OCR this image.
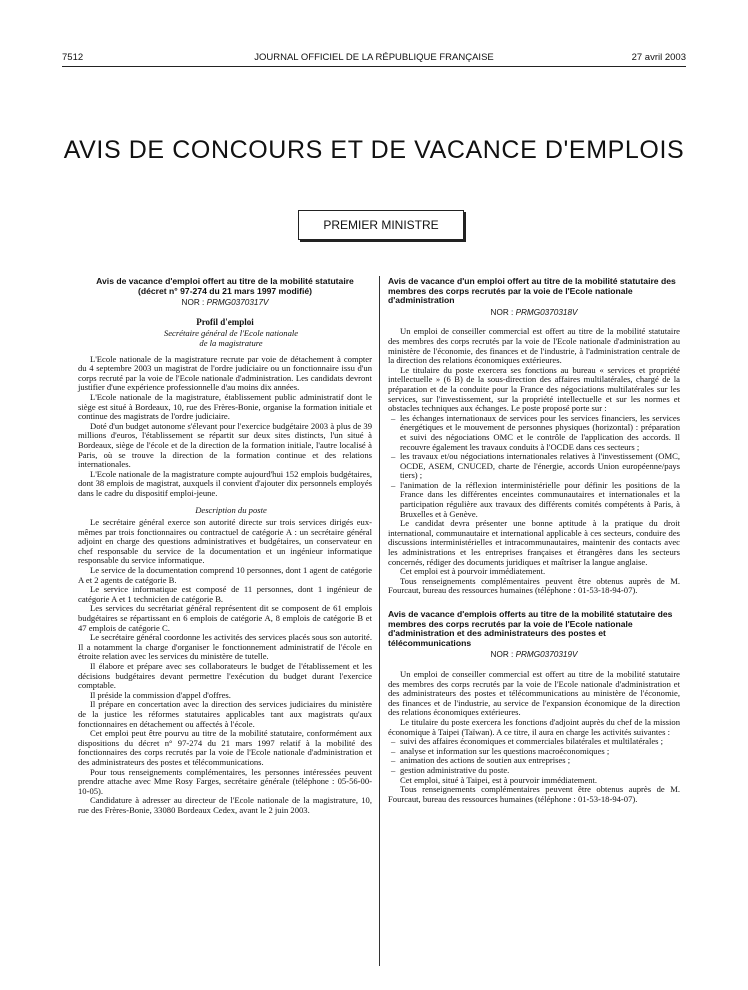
7512	JOURNAL OFFICIEL DE LA RÉPUBLIQUE FRANÇAISE	27 avril 2003
AVIS DE CONCOURS ET DE VACANCE D'EMPLOIS
PREMIER MINISTRE
Avis de vacance d'emploi offert au titre de la mobilité statutaire (décret n° 97-274 du 21 mars 1997 modifié)
NOR : PRMG0370317V
Profil d'emploi

Secrétaire général de l'Ecole nationale

de la magistrature

L'Ecole nationale de la magistrature recrute par voie de détachement à compter du 4 septembre 2003 un magistrat de l'ordre judiciaire ou un fonctionnaire issu d'un corps recruté par la voie de l'Ecole nationale d'administration. Les candidats devront justifier d'une expérience professionnelle d'au moins dix années.

L'Ecole nationale de la magistrature, établissement public administratif dont le siège est situé à Bordeaux, 10, rue des Frères-Bonie, organise la formation initiale et continue des magistrats de l'ordre judiciaire.

Doté d'un budget autonome s'élevant pour l'exercice budgétaire 2003 à plus de 39 millions d'euros, l'établissement se répartit sur deux sites distincts, l'un situé à Bordeaux, siège de l'école et de la direction de la formation initiale, l'autre localisé à Paris, où se trouve la direction de la formation continue et des relations internationales.

L'Ecole nationale de la magistrature compte aujourd'hui 152 emplois budgétaires, dont 38 emplois de magistrat, auxquels il convient d'ajouter dix personnels employés dans le cadre du dispositif emploi-jeune.

Description du poste

Le secrétaire général exerce son autorité directe sur trois services dirigés eux-mêmes par trois fonctionnaires ou contractuel de catégorie A : un secrétaire général adjoint en charge des questions administratives et budgétaires, un conservateur en chef responsable du service de la documentation et un ingénieur informatique responsable du service informatique.

Le service de la documentation comprend 10 personnes, dont 1 agent de catégorie A et 2 agents de catégorie B.

Le service informatique est composé de 11 personnes, dont 1 ingénieur de catégorie A et 1 technicien de catégorie B.

Les services du secrétariat général représentent dit se composent de 61 emplois budgétaires se répartissant en 6 emplois de catégorie A, 8 emplois de catégorie B et 47 emplois de catégorie C.

Le secrétaire général coordonne les activités des services placés sous son autorité. Il a notamment la charge d'organiser le fonctionnement administratif de l'école en étroite relation avec les services du ministère de tutelle.

Il élabore et prépare avec ses collaborateurs le budget de l'établissement et les décisions budgétaires devant permettre l'exécution du budget durant l'exercice comptable.

Il préside la commission d'appel d'offres.

Il prépare en concertation avec la direction des services judiciaires du ministère de la justice les réformes statutaires applicables tant aux magistrats qu'aux fonctionnaires en détachement ou affectés à l'école.

Cet emploi peut être pourvu au titre de la mobilité statutaire, conformément aux dispositions du décret n° 97-274 du 21 mars 1997 relatif à la mobilité des fonctionnaires des corps recrutés par la voie de l'Ecole nationale d'administration et des administrateurs des postes et télécommunications.

Pour tous renseignements complémentaires, les personnes intéressées peuvent prendre attache avec Mme Rosy Farges, secrétaire générale (téléphone : 05-56-00-10-05).

Candidature à adresser au directeur de l'Ecole nationale de la magistrature, 10, rue des Frères-Bonie, 33080 Bordeaux Cedex, avant le 2 juin 2003.

Avis de vacance d'un emploi offert au titre de la mobilité statutaire des membres des corps recrutés par la voie de l'Ecole nationale d'administration
NOR : PRMG0370318V

Un emploi de conseiller commercial est offert au titre de la mobilité statutaire des membres des corps recrutés par la voie de l'Ecole nationale d'administration au ministère de l'économie, des finances et de l'industrie, à l'administration centrale de la direction des relations économiques extérieures.

Le titulaire du poste exercera ses fonctions au bureau « services et propriété intellectuelle » (6 B) de la sous-direction des affaires multilatérales, chargé de la préparation et de la conduite pour la France des négociations multilatérales sur les services, sur l'investissement, sur la propriété intellectuelle et sur les normes et obstacles techniques aux échanges. Le poste proposé porte sur :

– les échanges internationaux de services pour les services financiers, les services énergétiques et le mouvement de personnes physiques (horizontal) : préparation et suivi des négociations OMC et le contrôle de l'application des accords. Il recouvre également les travaux conduits à l'OCDE dans ces secteurs ;
– les travaux et/ou négociations internationales relatives à l'investissement (OMC, OCDE, ASEM, CNUCED, charte de l'énergie, accords Union européenne/pays tiers) ;
– l'animation de la réflexion interministérielle pour définir les positions de la France dans les différentes enceintes communautaires et internationales et la participation régulière aux travaux des différents comités compétents à Paris, à Bruxelles et à Genève.

Le candidat devra présenter une bonne aptitude à la pratique du droit international, communautaire et international applicable à ces secteurs, conduire des discussions interministérielles et intracommunautaires, maintenir des contacts avec les administrations et les entreprises françaises et étrangères dans les secteurs concernés, rédiger des documents juridiques et maîtriser la langue anglaise.

Cet emploi est à pourvoir immédiatement.

Tous renseignements complémentaires peuvent être obtenus auprès de M. Fourcaut, bureau des ressources humaines (téléphone : 01-53-18-94-07).

Avis de vacance d'emplois offerts au titre de la mobilité statutaire des membres des corps recrutés par la voie de l'Ecole nationale d'administration et des administrateurs des postes et télécommunications
NOR : PRMG0370319V

Un emploi de conseiller commercial est offert au titre de la mobilité statutaire des membres des corps recrutés par la voie de l'Ecole nationale d'administration et des administrateurs des postes et télécommunications au ministère de l'économie, des finances et de l'industrie, au service de l'expansion économique de la direction des relations économiques extérieures.

Le titulaire du poste exercera les fonctions d'adjoint auprès du chef de la mission économique à Taipei (Taïwan). A ce titre, il aura en charge les activités suivantes :

– suivi des affaires économiques et commerciales bilatérales et multilatérales ;
– analyse et information sur les questions macroéconomiques ;
– animation des actions de soutien aux entreprises ;
– gestion administrative du poste.

Cet emploi, situé à Taipei, est à pourvoir immédiatement.

Tous renseignements complémentaires peuvent être obtenus auprès de M. Fourcaut, bureau des ressources humaines (téléphone : 01-53-18-94-07).
